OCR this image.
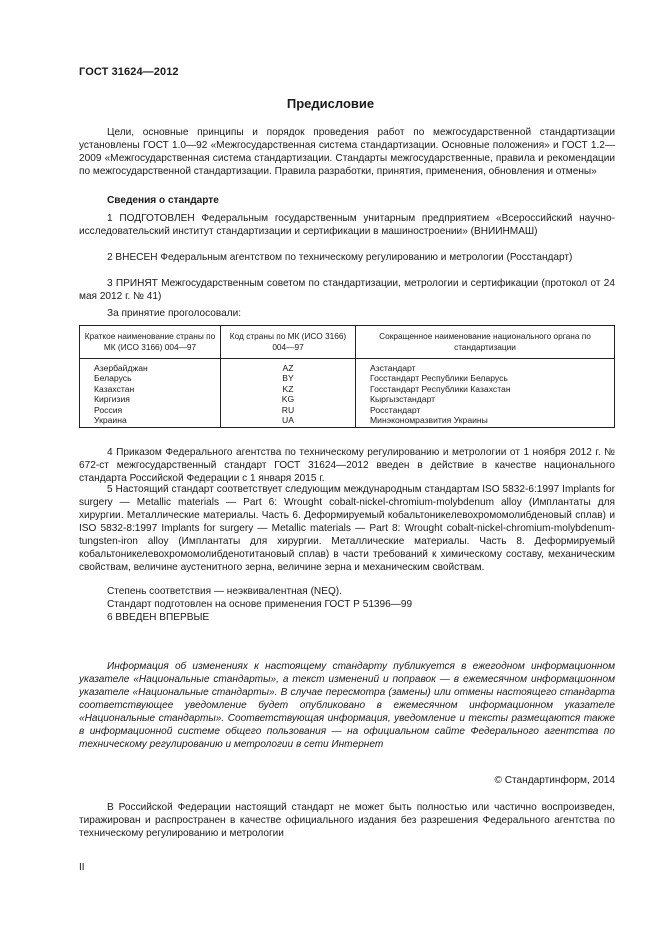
ГОСТ 31624—2012
Предисловие
Цели, основные принципы и порядок проведения работ по межгосударственной стандартизации установлены ГОСТ 1.0—92 «Межгосударственная система стандартизации. Основные положения» и ГОСТ 1.2—2009 «Межгосударственная система стандартизации. Стандарты межгосударственные, правила и рекомендации по межгосударственной стандартизации. Правила разработки, принятия, применения, обновления и отмены»
Сведения о стандарте
1 ПОДГОТОВЛЕН Федеральным государственным унитарным предприятием «Всероссийский научно-исследовательский институт стандартизации и сертификации в машиностроении» (ВНИИНМАШ)
2 ВНЕСЕН Федеральным агентством по техническому регулированию и метрологии (Росстандарт)
3 ПРИНЯТ Межгосударственным советом по стандартизации, метрологии и сертификации (протокол от 24 мая 2012 г. № 41)
За принятие проголосовали:
Краткое наименование страны по МК (ИСО 3166) 004—97	Код страны по МК (ИСО 3166) 004—97	Сокращенное наименование национального органа по стандартизации
Азербайджан	AZ	Азстандарт
Беларусь	BY	Госстандарт Республики Беларусь
Казахстан	KZ	Госстандарт Республики Казахстан
Киргизия	KG	Кыргызстандарт
Россия	RU	Росстандарт
Украина	UA	Минэкономразвития Украины
4 Приказом Федерального агентства по техническому регулированию и метрологии от 1 ноября 2012 г. № 672-ст межгосударственный стандарт ГОСТ 31624—2012 введен в действие в качестве национального стандарта Российской Федерации с 1 января 2015 г.
5 Настоящий стандарт соответствует следующим международным стандартам ISO 5832-6:1997 Implants for surgery — Metallic materials — Part 6: Wrought cobalt-nickel-chromium-molybdenum alloy (Имплантаты для хирургии. Металлические материалы. Часть 6. Деформируемый кобальтоникелевохромомолибденовый сплав) и ISO 5832-8:1997 Implants for surgery — Metallic materials — Part 8: Wrought cobalt-nickel-chromium-molybdenum-tungsten-iron alloy (Имплантаты для хирургии. Металлические материалы. Часть 8. Деформируемый кобальтоникелевохромомолибденотитановый сплав) в части требований к химическому составу, механическим свойствам, величине аустенитного зерна, величине зерна и механическим свойствам.
Степень соответствия — неэквивалентная (NEQ).
Стандарт подготовлен на основе применения ГОСТ Р 51396—99
6 ВВЕДЕН ВПЕРВЫЕ
Информация об изменениях к настоящему стандарту публикуется в ежегодном информационном указателе «Национальные стандарты», а текст изменений и поправок — в ежемесячном информационном указателе «Национальные стандарты». В случае пересмотра (замены) или отмены настоящего стандарта соответствующее уведомление будет опубликовано в ежемесячном информационном указателе «Национальные стандарты». Соответствующая информация, уведомление и тексты размещаются также в информационной системе общего пользования — на официальном сайте Федерального агентства по техническому регулированию и метрологии в сети Интернет
© Стандартинформ, 2014
В Российской Федерации настоящий стандарт не может быть полностью или частично воспроизведен, тиражирован и распространен в качестве официального издания без разрешения Федерального агентства по техническому регулированию и метрологии
II
